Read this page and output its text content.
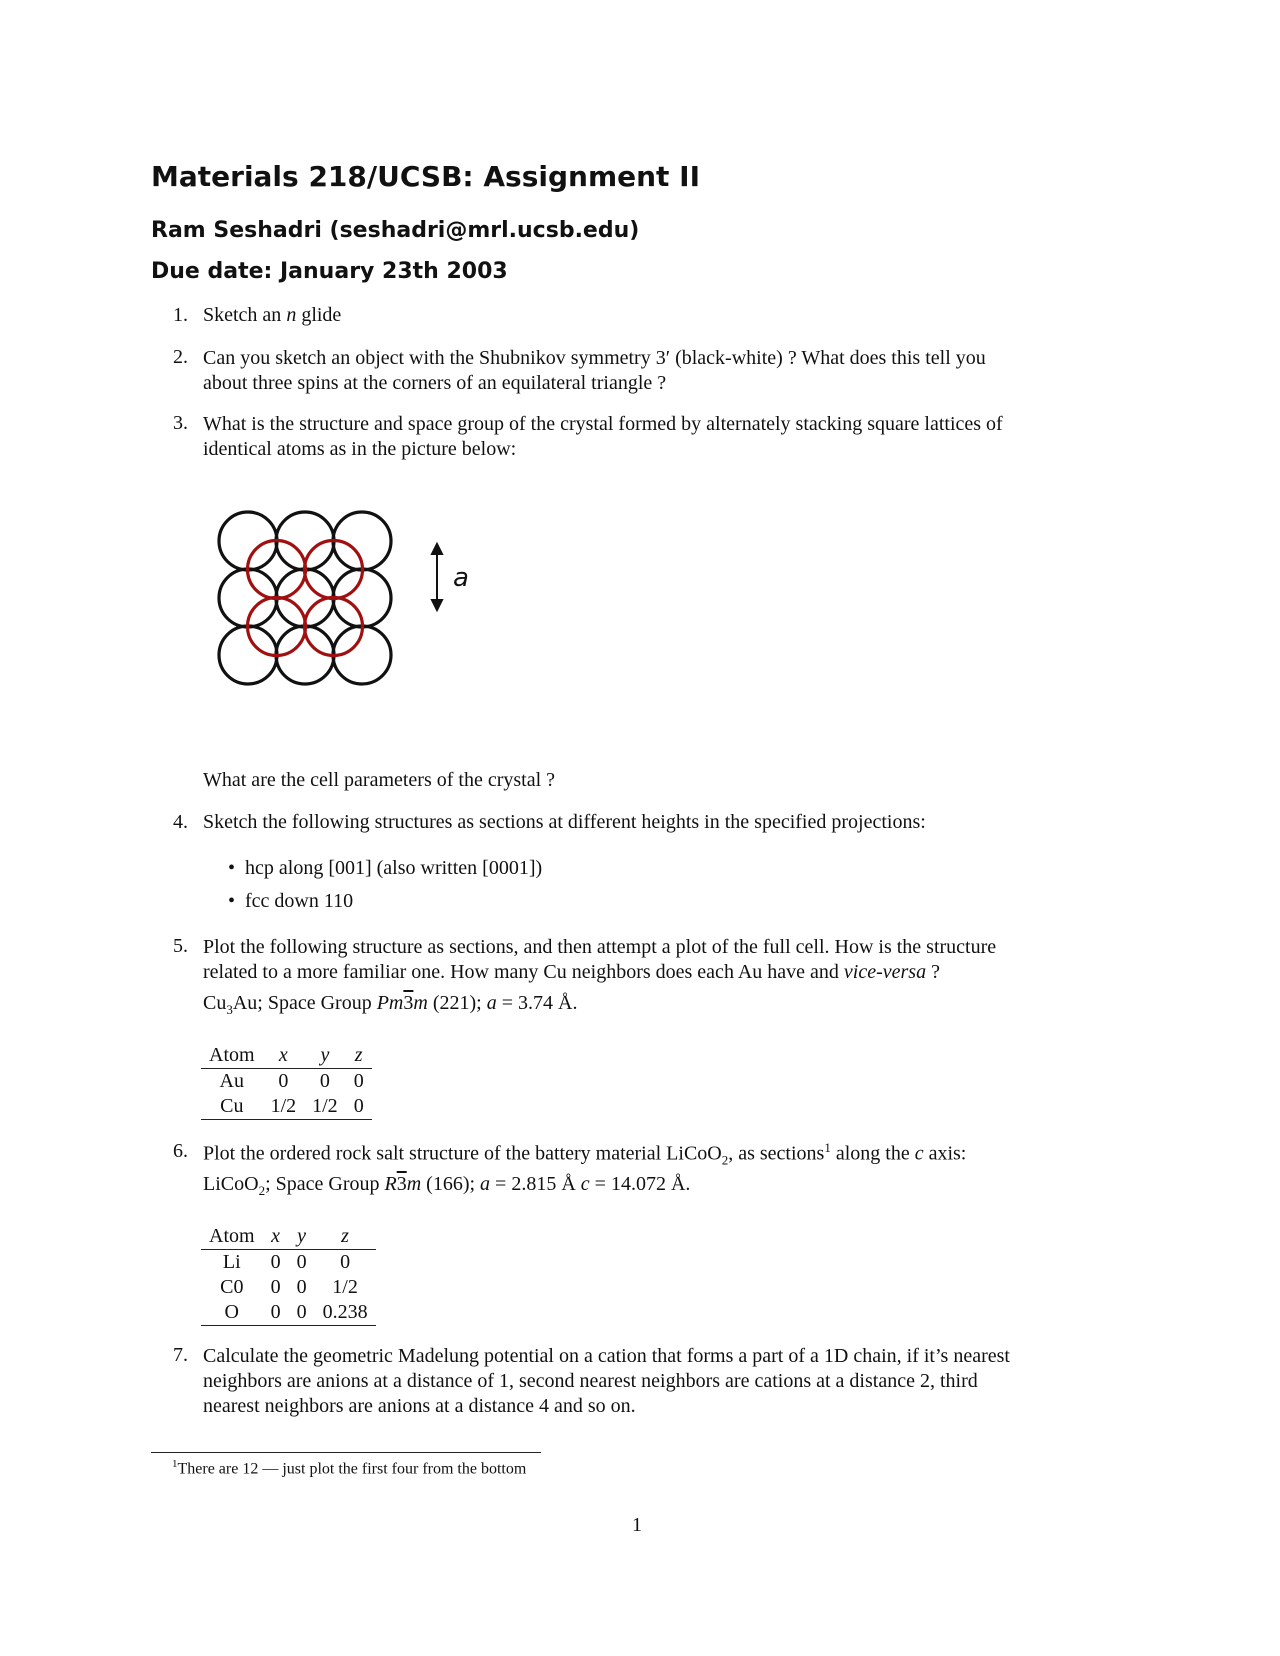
Materials 218/UCSB: Assignment II
Ram Seshadri (seshadri@mrl.ucsb.edu)
Due date: January 23th 2003
1. Sketch an n glide
2. Can you sketch an object with the Shubnikov symmetry 3′ (black-white) ? What does this tell you
about three spins at the corners of an equilateral triangle ?
3. What is the structure and space group of the crystal formed by alternately stacking square lattices of
identical atoms as in the picture below:
a
What are the cell parameters of the crystal ?
4. Sketch the following structures as sections at different heights in the specified projections:
•  hcp along [001] (also written [0001])
•  fcc down 110
5. Plot the following structure as sections, and then attempt a plot of the full cell. How is the structure
related to a more familiar one. How many Cu neighbors does each Au have and vice-versa ?
$Cu_3Au$; Space Group Pm3m (221); a = 3.74 Å.
Atom	x	y	z
Au	0	0	0
Cu	1/2	1/2	0
6. Plot the ordered rock salt structure of the battery material LiCoO$_2$, as sections$^1$ along the c axis:
LiCoO$_2$; Space Group R3m (166); a = 2.815 Å c = 14.072 Å.
Atom	x	y	z
Li	0	0	0
C0	0	0	1/2
O	0	0	0.238
7. Calculate the geometric Madelung potential on a cation that forms a part of a 1D chain, if it’s nearest
neighbors are anions at a distance of 1, second nearest neighbors are cations at a distance 2, third
nearest neighbors are anions at a distance 4 and so on.
$^1$There are 12 — just plot the first four from the bottom
1
